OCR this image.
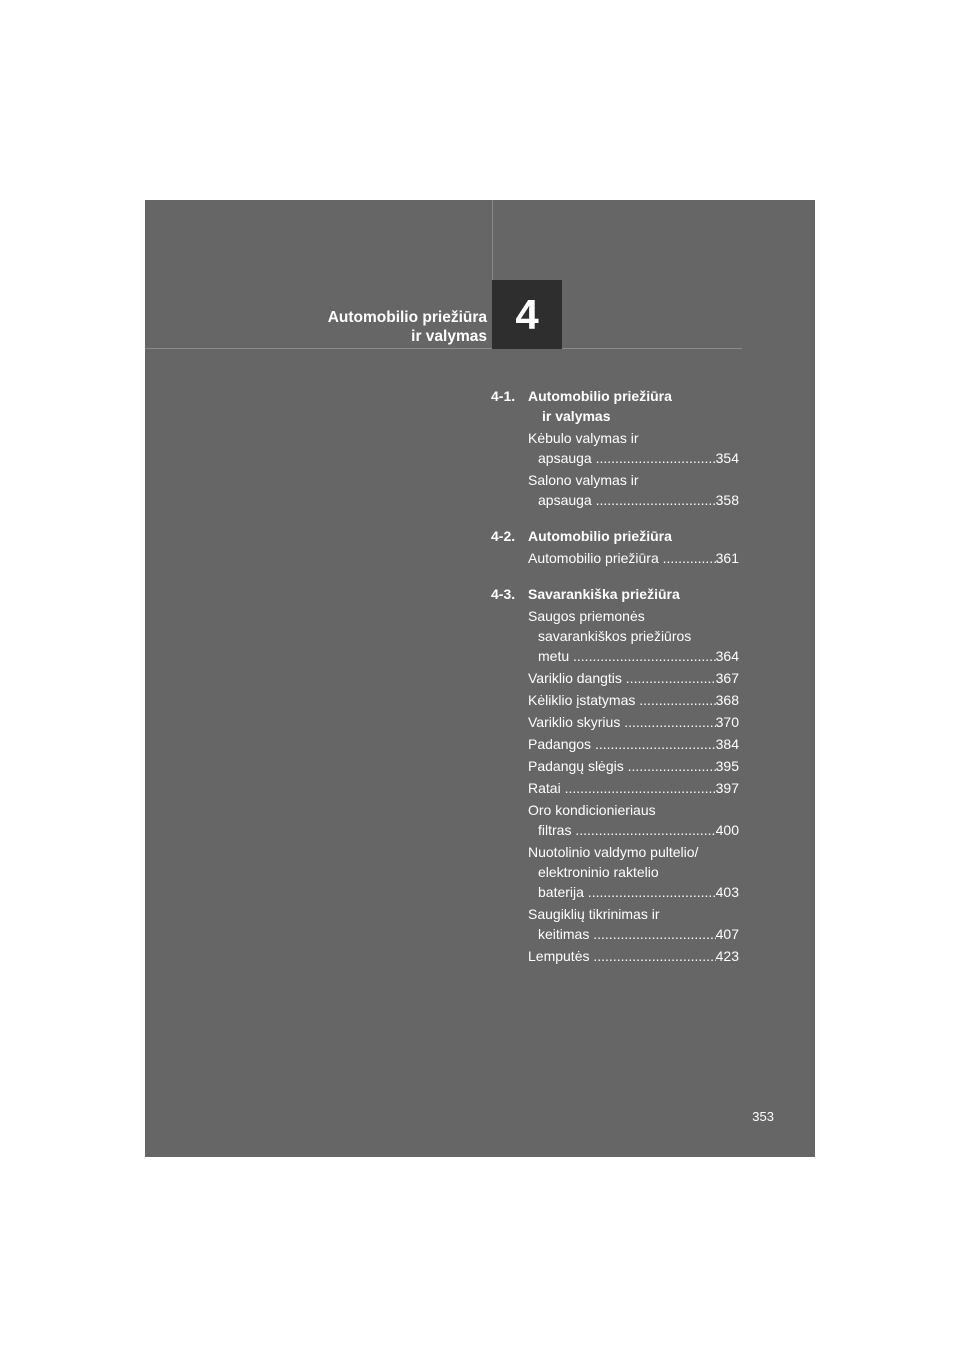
Automobilio priežiūra
ir valymas 4
4-1. Automobilio priežiūra
ir valymas
Kėbulo valymas ir
apsauga .....	354
Salono valymas ir
apsauga .....	358
4-2. Automobilio priežiūra
Automobilio priežiūra .....	361
4-3. Savarankiška priežiūra
Saugos priemonės
savarankiškos priežiūros
metu .....	364
Variklio dangtis .....	367
Kėliklio įstatymas .....	368
Variklio skyrius .....	370
Padangos .....	384
Padangų slėgis .....	395
Ratai .....	397
Oro kondicionieriaus
filtras .....	400
Nuotolinio valdymo pultelio/
elektroninio raktelio
baterija .....	403
Saugiklių tikrinimas ir
keitimas .....	407
Lemputės .....	423
353
